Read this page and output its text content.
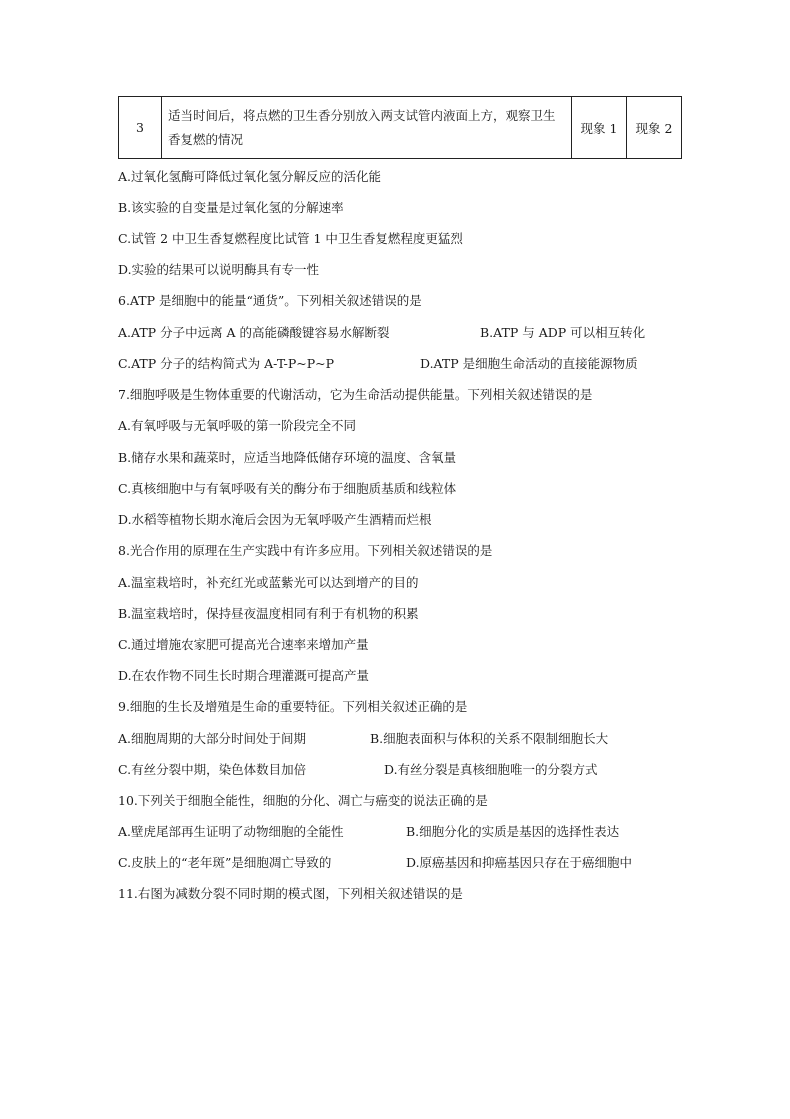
3	适当时间后，将点燃的卫生香分别放入两支试管内液面上方，观察卫生香复燃的情况	现象 1	现象 2
A.过氧化氢酶可降低过氧化氢分解反应的活化能
B.该实验的自变量是过氧化氢的分解速率
C.试管 2 中卫生香复燃程度比试管 1 中卫生香复燃程度更猛烈
D.实验的结果可以说明酶具有专一性
6.ATP 是细胞中的能量“通货”。下列相关叙述错误的是
A.ATP 分子中远离 A 的高能磷酸键容易水解断裂	B.ATP 与 ADP 可以相互转化
C.ATP 分子的结构简式为 A-T-P~P~P	D.ATP 是细胞生命活动的直接能源物质
7.细胞呼吸是生物体重要的代谢活动，它为生命活动提供能量。下列相关叙述错误的是
A.有氧呼吸与无氧呼吸的第一阶段完全不同
B.储存水果和蔬菜时，应适当地降低储存环境的温度、含氧量
C.真核细胞中与有氧呼吸有关的酶分布于细胞质基质和线粒体
D.水稻等植物长期水淹后会因为无氧呼吸产生酒精而烂根
8.光合作用的原理在生产实践中有许多应用。下列相关叙述错误的是
A.温室栽培时，补充红光或蓝紫光可以达到增产的目的
B.温室栽培时，保持昼夜温度相同有利于有机物的积累
C.通过增施农家肥可提高光合速率来增加产量
D.在农作物不同生长时期合理灌溉可提高产量
9.细胞的生长及增殖是生命的重要特征。下列相关叙述正确的是
A.细胞周期的大部分时间处于间期	B.细胞表面积与体积的关系不限制细胞长大
C.有丝分裂中期，染色体数目加倍	D.有丝分裂是真核细胞唯一的分裂方式
10.下列关于细胞全能性，细胞的分化、凋亡与癌变的说法正确的是
A.壁虎尾部再生证明了动物细胞的全能性	B.细胞分化的实质是基因的选择性表达
C.皮肤上的“老年斑”是细胞凋亡导致的	D.原癌基因和抑癌基因只存在于癌细胞中
11.右图为减数分裂不同时期的模式图，下列相关叙述错误的是
